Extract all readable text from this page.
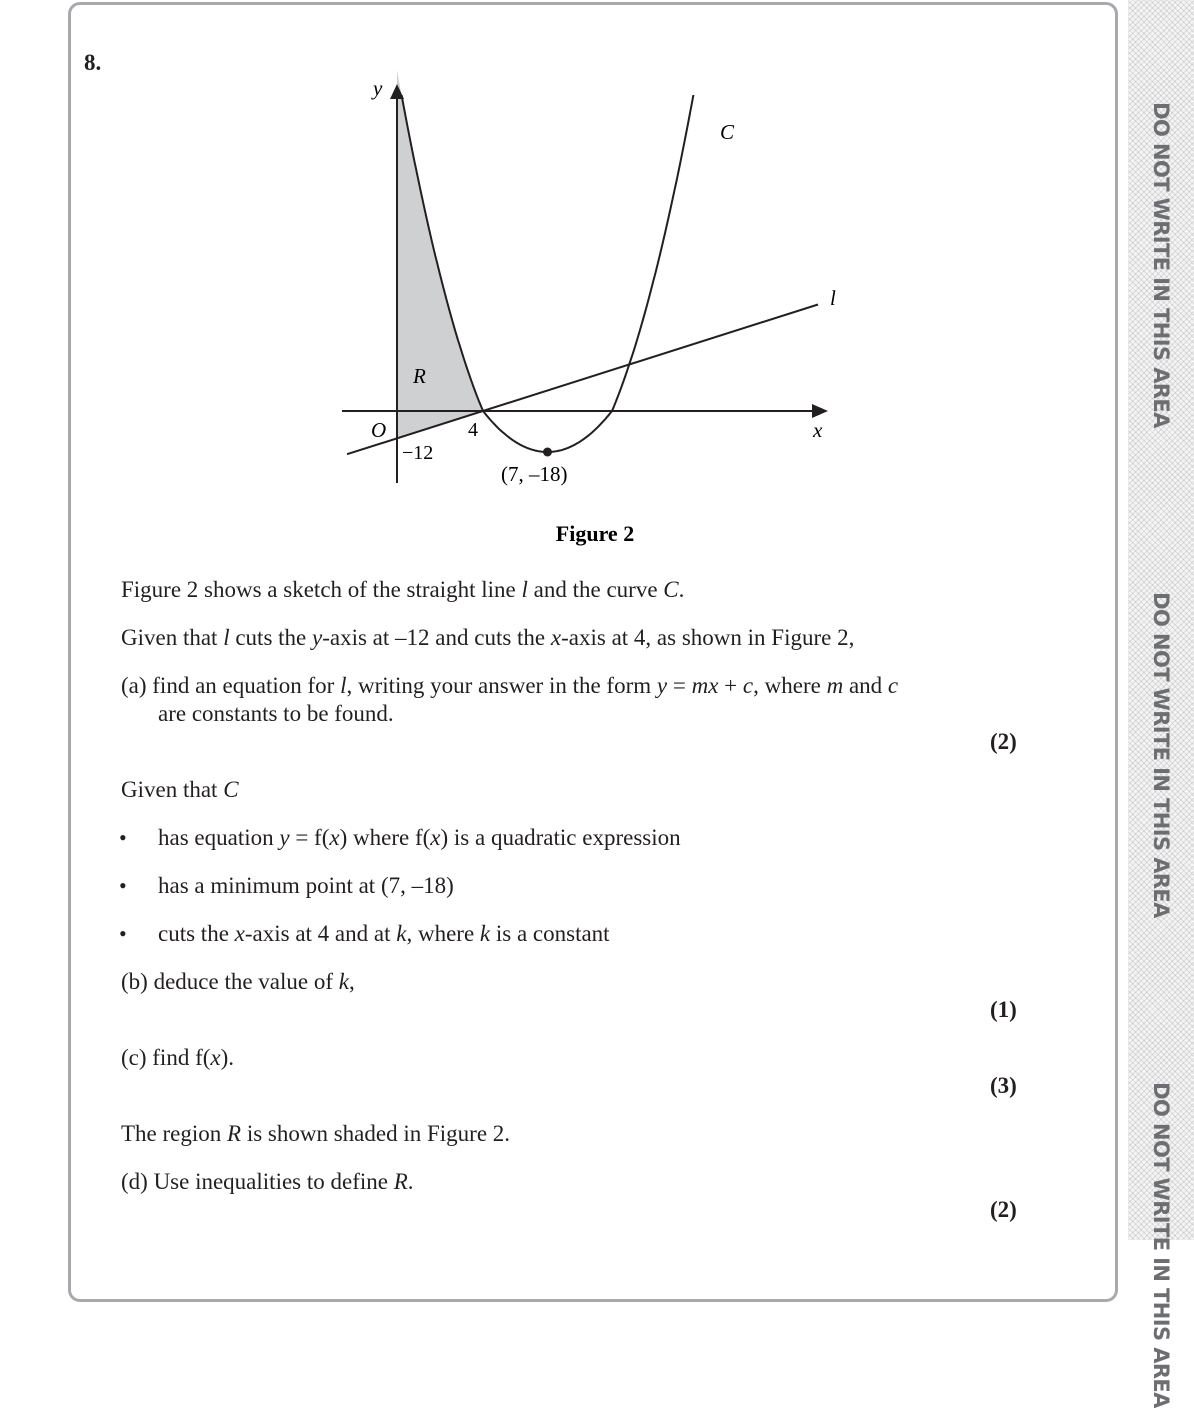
DO NOT WRITE IN THIS AREA
DO NOT WRITE IN THIS AREA
DO NOT WRITE IN THIS AREA
8.
y
x
O
C
l
R
4
−12
(7, –18)
Figure 2
Figure 2 shows a sketch of the straight line l and the curve C.
Given that l cuts the y-axis at –12 and cuts the x-axis at 4, as shown in Figure 2,
(a) find an equation for l, writing your answer in the form y = mx + c, where m and c
are constants to be found.
(2)
Given that C
• has equation y = f(x) where f(x) is a quadratic expression
• has a minimum point at (7, –18)
• cuts the x-axis at 4 and at k, where k is a constant
(b) deduce the value of k,
(1)
(c) find f(x).
(3)
The region R is shown shaded in Figure 2.
(d) Use inequalities to define R.
(2)
